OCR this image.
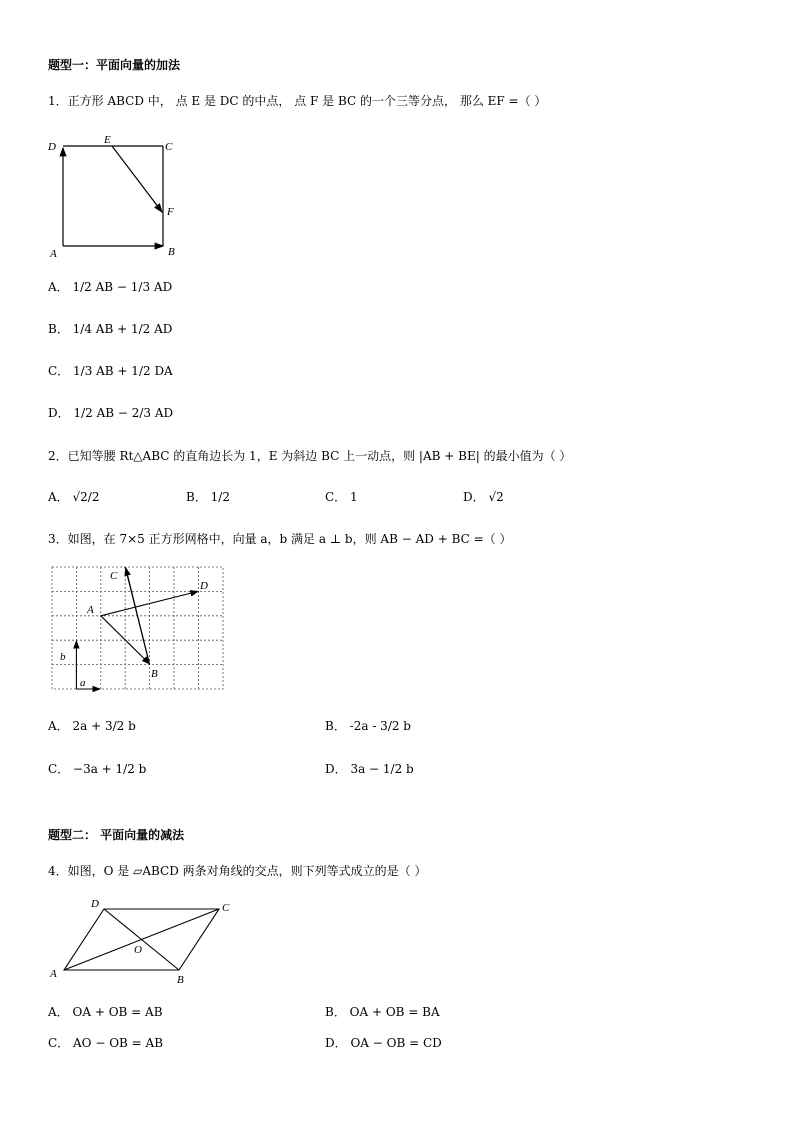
题型一：平面向量的加法
1．正方形 ABCD 中， 点 E 是 DC 的中点， 点 F 是 BC 的一个三等分点， 那么 EF =（ ）
D
E
C
F
A	B
A． 1/2 AB − 1/3 AD
B． 1/4 AB + 1/2 AD
C． 1/3 AB + 1/2 DA
D． 1/2 AB − 2/3 AD
2．已知等腰 Rt△ABC 的直角边长为 1，E 为斜边 BC 上一动点，则 |AB + BE| 的最小值为（ ）
A． √2/2	B． 1/2	C． 1	D． √2
3．如图，在 7×5 正方形网格中，向量 a，b 满足 a ⊥ b，则 AB − AD + BC =（ ）
C
D
A
B
b
a
A． 2a + 3/2 b	B． -2a - 3/2 b
C． −3a + 1/2 b	D． 3a − 1/2 b
题型二： 平面向量的减法
4．如图，O 是 ▱ABCD 两条对角线的交点，则下列等式成立的是（ ）
D	C
O
A	B
A． OA + OB = AB	B． OA + OB = BA
C． AO − OB = AB	D． OA − OB = CD
